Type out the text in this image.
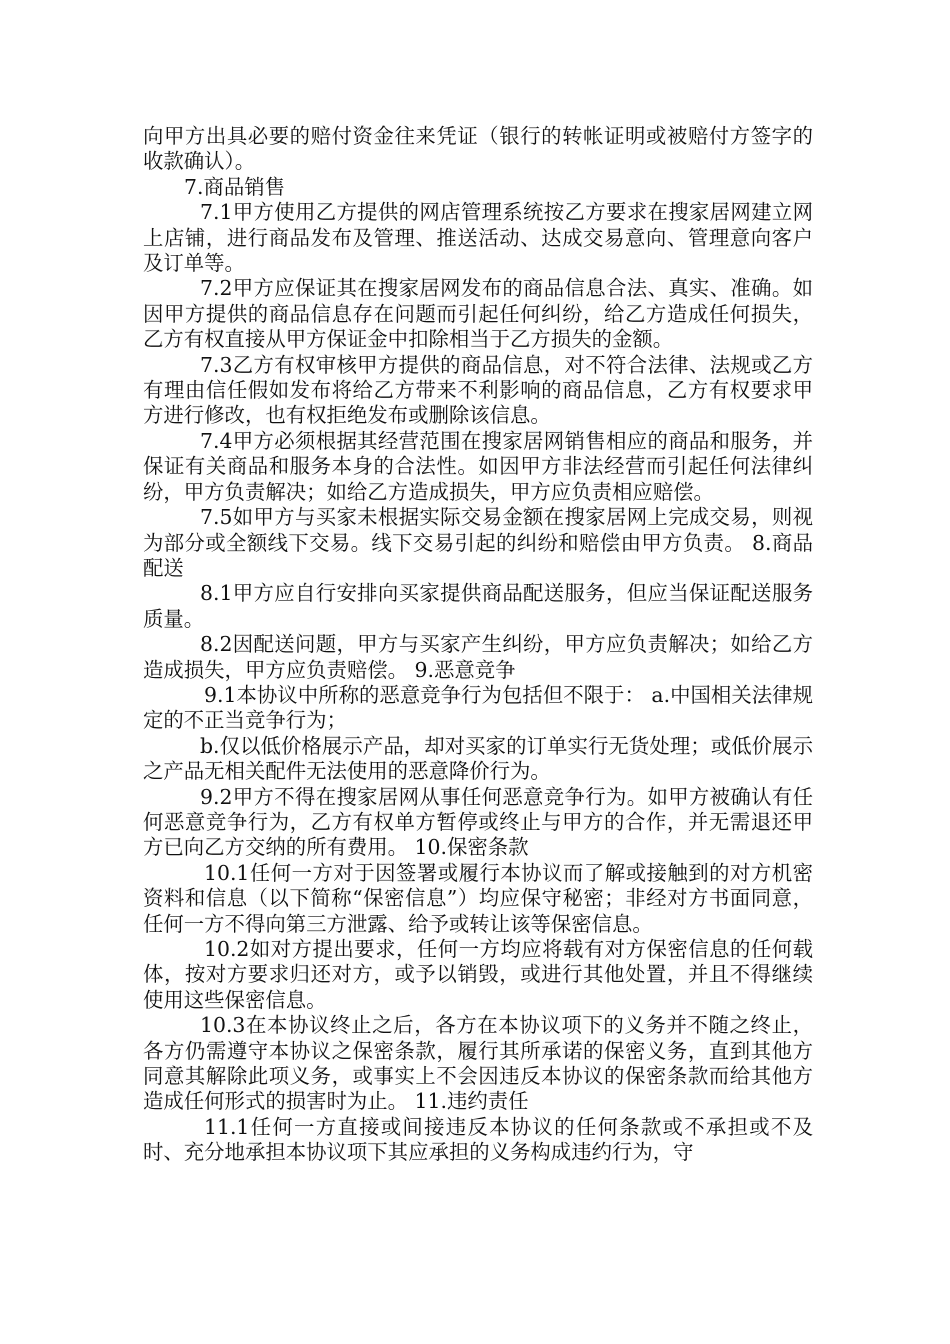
向甲方出具必要的赔付资金往来凭证（银行的转帐证明或被赔付方签字的收款确认）。

7.商品销售

7.1甲方使用乙方提供的网店管理系统按乙方要求在搜家居网建立网上店铺，进行商品发布及管理、推送活动、达成交易意向、管理意向客户及订单等。

7.2甲方应保证其在搜家居网发布的商品信息合法、真实、准确。如因甲方提供的商品信息存在问题而引起任何纠纷，给乙方造成任何损失，乙方有权直接从甲方保证金中扣除相当于乙方损失的金额。

7.3乙方有权审核甲方提供的商品信息，对不符合法律、法规或乙方有理由信任假如发布将给乙方带来不利影响的商品信息，乙方有权要求甲方进行修改，也有权拒绝发布或删除该信息。

7.4甲方必须根据其经营范围在搜家居网销售相应的商品和服务，并保证有关商品和服务本身的合法性。如因甲方非法经营而引起任何法律纠纷，甲方负责解决；如给乙方造成损失，甲方应负责相应赔偿。

7.5如甲方与买家未根据实际交易金额在搜家居网上完成交易，则视为部分或全额线下交易。线下交易引起的纠纷和赔偿由甲方负责。 8.商品配送

8.1甲方应自行安排向买家提供商品配送服务，但应当保证配送服务质量。

8.2因配送问题，甲方与买家产生纠纷，甲方应负责解决；如给乙方造成损失，甲方应负责赔偿。 9.恶意竞争

9.1本协议中所称的恶意竞争行为包括但不限于： a.中国相关法律规定的不正当竞争行为；

b.仅以低价格展示产品，却对买家的订单实行无货处理；或低价展示之产品无相关配件无法使用的恶意降价行为。

9.2甲方不得在搜家居网从事任何恶意竞争行为。如甲方被确认有任何恶意竞争行为，乙方有权单方暂停或终止与甲方的合作，并无需退还甲方已向乙方交纳的所有费用。 10.保密条款

10.1任何一方对于因签署或履行本协议而了解或接触到的对方机密资料和信息（以下简称“保密信息”）均应保守秘密；非经对方书面同意，任何一方不得向第三方泄露、给予或转让该等保密信息。

10.2如对方提出要求，任何一方均应将载有对方保密信息的任何载体，按对方要求归还对方，或予以销毁，或进行其他处置，并且不得继续使用这些保密信息。

10.3在本协议终止之后，各方在本协议项下的义务并不随之终止，各方仍需遵守本协议之保密条款，履行其所承诺的保密义务，直到其他方同意其解除此项义务，或事实上不会因违反本协议的保密条款而给其他方造成任何形式的损害时为止。 11.违约责任

11.1任何一方直接或间接违反本协议的任何条款或不承担或不及时、充分地承担本协议项下其应承担的义务构成违约行为，守
